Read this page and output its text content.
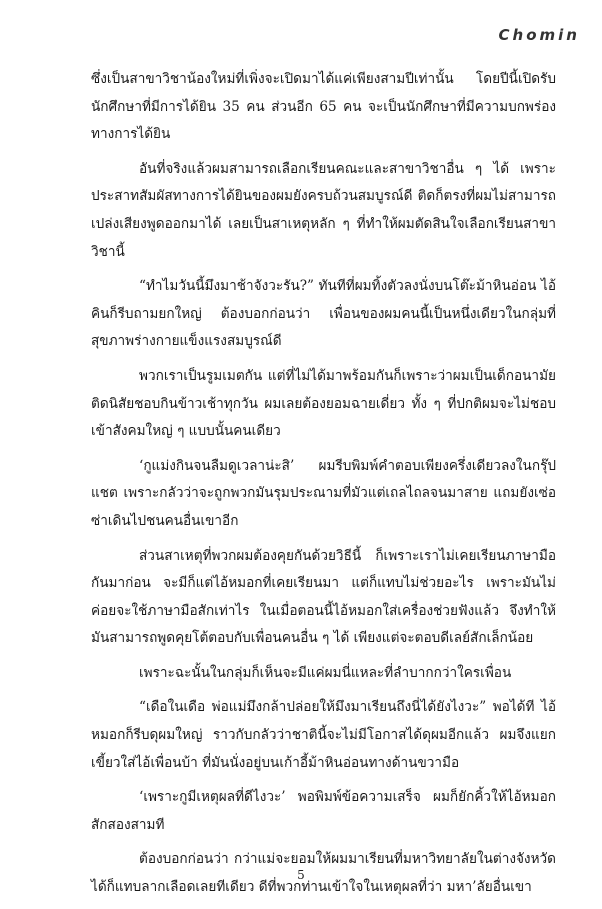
Chomin

ซึ่งเป็นสาขาวิชาน้องใหม่ที่เพิ่งจะเปิดมาได้แค่เพียงสามปีเท่านั้น โดยปีนี้เปิดรับนักศึกษาที่มีการได้ยิน 35 คน ส่วนอีก 65 คน จะเป็นนักศึกษาที่มีความบกพร่องทางการได้ยิน

อันที่จริงแล้วผมสามารถเลือกเรียนคณะและสาขาวิชาอื่น ๆ ได้ เพราะประสาทสัมผัสทางการได้ยินของผมยังครบถ้วนสมบูรณ์ดี ติดก็ตรงที่ผมไม่สามารถเปล่งเสียงพูดออกมาได้ เลยเป็นสาเหตุหลัก ๆ ที่ทำให้ผมตัดสินใจเลือกเรียนสาขาวิชานี้

“ทำไมวันนี้มึงมาช้าจังวะรัน?” ทันทีที่ผมทิ้งตัวลงนั่งบนโต๊ะม้าหินอ่อน ไอ้คินก็รีบถามยกใหญ่ ต้องบอกก่อนว่า เพื่อนของผมคนนี้เป็นหนึ่งเดียวในกลุ่มที่สุขภาพร่างกายแข็งแรงสมบูรณ์ดี

พวกเราเป็นรูมเมตกัน แต่ที่ไม่ได้มาพร้อมกันก็เพราะว่าผมเป็นเด็กอนามัย ติดนิสัยชอบกินข้าวเช้าทุกวัน ผมเลยต้องยอมฉายเดี่ยว ทั้ง ๆ ที่ปกติผมจะไม่ชอบเข้าสังคมใหญ่ ๆ แบบนั้นคนเดียว

‘กูแม่งกินจนลืมดูเวลาน่ะสิ’ ผมรีบพิมพ์คำตอบเพียงครึ่งเดียวลงในกรุ๊ปแชต เพราะกลัวว่าจะถูกพวกมันรุมประณามที่มัวแต่เถลไถลจนมาสาย แถมยังเซ่อซ่าเดินไปชนคนอื่นเขาอีก

ส่วนสาเหตุที่พวกผมต้องคุยกันด้วยวิธีนี้ ก็เพราะเราไม่เคยเรียนภาษามือกันมาก่อน จะมีก็แต่ไอ้หมอกที่เคยเรียนมา แต่ก็แทบไม่ช่วยอะไร เพราะมันไม่ค่อยจะใช้ภาษามือสักเท่าไร ในเมื่อตอนนี้ไอ้หมอกใส่เครื่องช่วยฟังแล้ว จึงทำให้มันสามารถพูดคุยโต้ตอบกับเพื่อนคนอื่น ๆ ได้ เพียงแต่จะตอบดีเลย์สักเล็กน้อย

เพราะฉะนั้นในกลุ่มก็เห็นจะมีแค่ผมนี่แหละที่ลำบากกว่าใครเพื่อน

“เดือในเดือ พ่อแม่มึงกล้าปล่อยให้มึงมาเรียนถึงนี่ได้ยังไงวะ” พอได้ที ไอ้หมอกก็รีบดุผมใหญ่ ราวกับกลัวว่าชาตินี้จะไม่มีโอกาสได้ดุผมอีกแล้ว ผมจึงแยกเขี้ยวใส่ไอ้เพื่อนบ้า ที่มันนั่งอยู่บนเก้าอี้ม้าหินอ่อนทางด้านขวามือ

‘เพราะกูมีเหตุผลที่ดีไงวะ’ พอพิมพ์ข้อความเสร็จ ผมก็ยักคิ้วให้ไอ้หมอกสักสองสามที

ต้องบอกก่อนว่า กว่าแม่จะยอมให้ผมมาเรียนที่มหาวิทยาลัยในต่างจังหวัด ได้ก็แทบลากเลือดเลยทีเดียว ดีที่พวกท่านเข้าใจในเหตุผลที่ว่า มหา’ลัยอื่นเขา

5
